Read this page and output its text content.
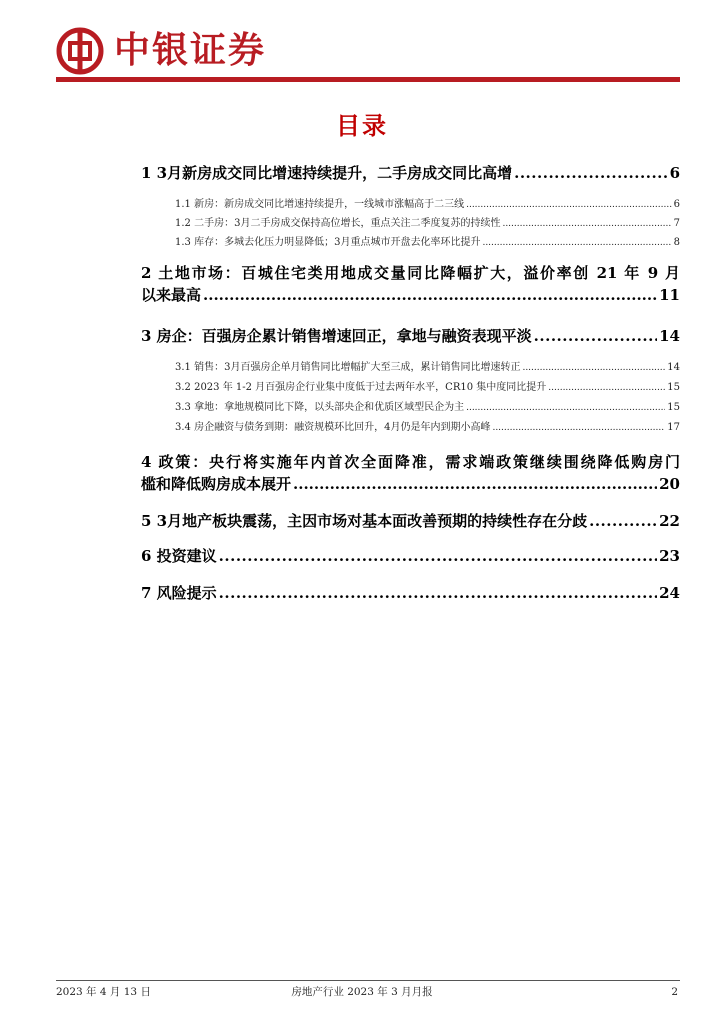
中银证券
目录
1 3月新房成交同比增速持续提升，二手房成交同比高增 .....	6
1.1 新房：新房成交同比增速持续提升，一线城市涨幅高于二三线 .....	6
1.2 二手房：3月二手房成交保持高位增长，重点关注二季度复苏的持续性 .....	7
1.3 库存：多城去化压力明显降低；3月重点城市开盘去化率环比提升 .....	8
2 土地市场：百城住宅类用地成交量同比降幅扩大，溢价率创 21 年 9 月
以来最高 .....	11
3 房企：百强房企累计销售增速回正，拿地与融资表现平淡 .....	14
3.1 销售：3月百强房企单月销售同比增幅扩大至三成，累计销售同比增速转正 .....	14
3.2 2023 年 1-2 月百强房企行业集中度低于过去两年水平，CR10 集中度同比提升 .....	15
3.3 拿地：拿地规模同比下降，以头部央企和优质区域型民企为主 .....	15
3.4 房企融资与债务到期：融资规模环比回升，4月仍是年内到期小高峰 .....	17
4 政策：央行将实施年内首次全面降准，需求端政策继续围绕降低购房门
槛和降低购房成本展开 .....	20
5 3月地产板块震荡，主因市场对基本面改善预期的持续性存在分歧 .....	22
6 投资建议 .....	23
7 风险提示 .....	24
2023 年 4 月 13 日	房地产行业 2023 年 3 月月报	2
